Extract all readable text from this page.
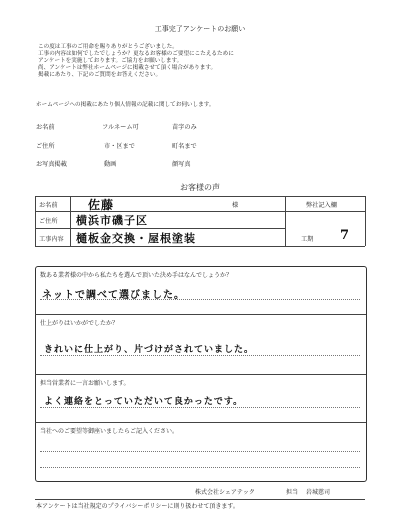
工事完了アンケートのお願い
この度は工事のご用命を賜りありがとうございました。
工事の内容は如何でしたでしょうか？更なるお客様のご要望にこたえるために
アンケートを実施しております。ご協力をお願いします。
尚、アンケートは弊社ホームページに掲載させて頂く場合があります。
掲載にあたり、下記のご質問をお答えください。
ホームページへの掲載にあたり個人情報の記載に関してお伺いします。
お名前	フルネーム可	苗字のみ
ご住所	市・区まで	町名まで
お写真掲載	動画	顔写真
お客様の声
お名前	佐藤	様	弊社記入欄
ご住所 横浜市磯子区
工事内容 樋板金交換・屋根塗装	工期 7
数ある業者様の中から私たちを選んで頂いた決め手はなんでしょうか？
ネットで調べて選びました。
仕上がりはいかがでしたか？
きれいに仕上がり、片づけがされていました。
担当営業者に一言お願いします。
よく連絡をとっていただいて良かったです。
当社へのご要望等御座いましたらご記入ください。
株式会社シェアテック	担当 岩城慈司
本アンケートは当社規定のプライバシーポリシーに則り扱わせて頂きます。
